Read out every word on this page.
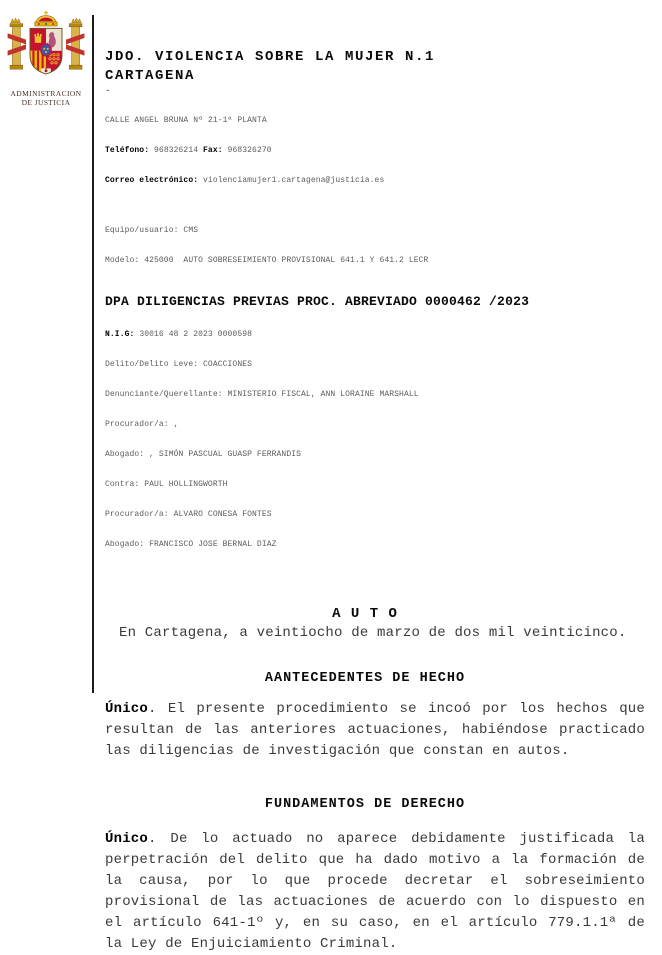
ADMINISTRACION
DE JUSTICIA
JDO. VIOLENCIA SOBRE LA MUJER N.1
CARTAGENA
-

CALLE ANGEL BRUNA Nº 21-1ª PLANTA

Teléfono: 968326214 Fax: 968326270

Correo electrónico: violenciamujer1.cartagena@justicia.es

Equipo/usuario: CMS

Modelo: 425000  AUTO SOBRESEIMIENTO PROVISIONAL 641.1 Y 641.2 LECR

DPA DILIGENCIAS PREVIAS PROC. ABREVIADO 0000462 /2023

N.I.G: 30016 48 2 2023 0000598

Delito/Delito Leve: COACCIONES

Denunciante/Querellante: MINISTERIO FISCAL, ANN LORAINE MARSHALL

Procurador/a: ,

Abogado: , SIMÓN PASCUAL GUASP FERRANDIS

Contra: PAUL HOLLINGWORTH

Procurador/a: ALVARO CONESA FONTES

Abogado: FRANCISCO JOSE BERNAL DIAZ

A U T O

En Cartagena, a veintiocho de marzo de dos mil veinticinco.

AANTECEDENTES DE HECHO

Único. El presente procedimiento se incoó por los hechos que resultan de las anteriores actuaciones, habiéndose practicado las diligencias de investigación que constan en autos.

FUNDAMENTOS DE DERECHO

Único. De lo actuado no aparece debidamente justificada la perpetración del delito que ha dado motivo a la formación de la causa, por lo que procede decretar el sobreseimiento provisional de las actuaciones de acuerdo con lo dispuesto en el artículo 641-1º y, en su caso, en el artículo 779.1.1ª de la Ley de Enjuiciamiento Criminal.
